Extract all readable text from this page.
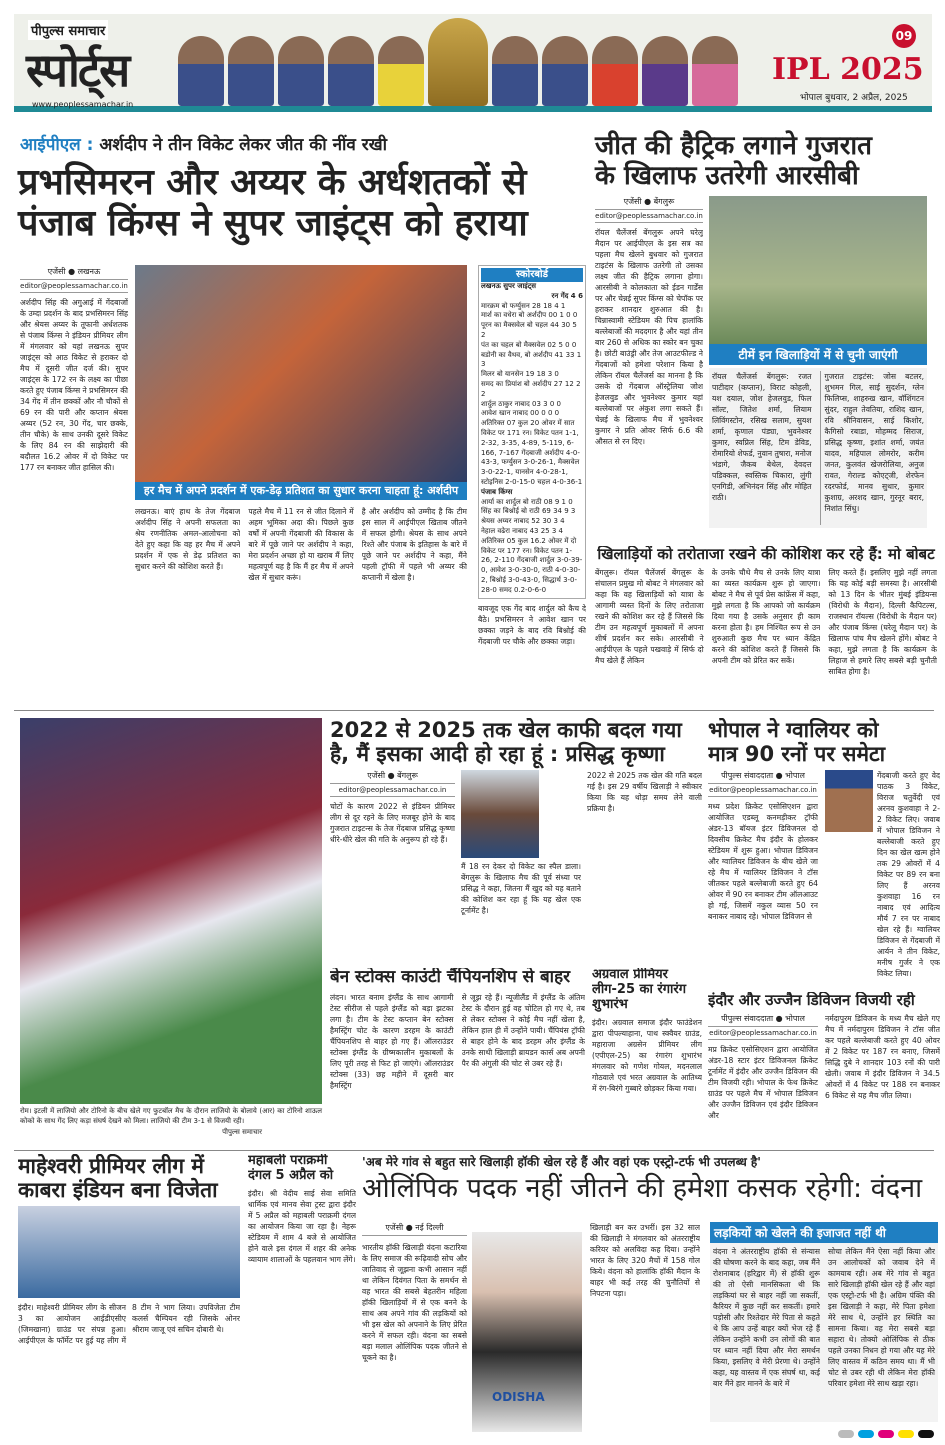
पीपुल्स समाचार
स्पोर्ट्स
www.peoplessamachar.in
09
IPL 2025
भोपाल बुधवार, 2 अप्रैल, 2025
आईपीएल : अर्शदीप ने तीन विकेट लेकर जीत की नींव रखी
प्रभसिमरन और अय्यर के अर्धशतकों से
पंजाब किंग्स ने सुपर जाइंट्स को हराया
एजेंसी ● लखनऊ
editor@peoplessamachar.co.in
अर्शदीप सिंह की अगुआई में गेंदबाजों के उम्दा प्रदर्शन के बाद प्रभसिमरन सिंह और श्रेयस अय्यर के तूफानी अर्धशतक से पंजाब किंग्स ने इंडियन प्रीमियर लीग में मंगलवार को यहां लखनऊ सुपर जाइंट्स को आठ विकेट से हराकर दो मैच में दूसरी जीत दर्ज की। सुपर जाइंट्स के 172 रन के लक्ष्य का पीछा करते हुए पंजाब किंग्स ने प्रभसिमरन की 34 गेंद में तीन छक्कों और नौ चौकों से 69 रन की पारी और कप्तान श्रेयस अय्यर (52 रन, 30 गेंद, चार छक्के, तीन चौके) के साथ उनकी दूसरे विकेट के लिए 84 रन की साझेदारी की बदौलत 16.2 ओवर में दो विकेट पर 177 रन बनाकर जीत हासिल की।
हर मैच में अपने प्रदर्शन में एक-डेढ़ प्रतिशत का सुधार करना चाहता हूं: अर्शदीप
लखनऊ। बाएं हाथ के तेज गेंदबाज अर्शदीप सिंह ने अपनी सफलता का श्रेय रणनीतिक अमल-आलोचना को देते हुए कहा कि वह हर मैच में अपने प्रदर्शन में एक से डेढ़ प्रतिशत का सुधार करने की कोशिश करते हैं।
पहले मैच में 11 रन से जीत दिलाने में अहम भूमिका अदा की। पिछले कुछ वर्षों में अपनी गेंदबाजी की विकास के बारे में पूछे जाने पर अर्शदीप ने कहा, मेरा प्रदर्शन अच्छा हो या खराब मैं लिए महत्वपूर्ण यह है कि मैं हर मैच में अपने खेल में सुधार करूं।
है और अर्शदीप को उम्मीद है कि टीम इस साल में आईपीएल खिताब जीतने में सफल होगी। श्रेयस के साथ अपने रिश्ते और पंजाब के इतिहास के बारे में पूछे जाने पर अर्शदीप ने कहा, मैंने पहली ट्रॉफी में पहले भी अय्यर की कप्तानी में खेला है।
स्कोरबोर्ड
लखनऊ सुपर जाइंट्स
रन गेंद 4 6
मारक्रम बो फर्ग्युसन 28 18 4 1
मार्श का वधेरा बो अर्शदीप 00 1 0 0
पूरन का मैक्सवेल बो चहल 44 30 5 2
पंत का चहल बो मैक्सवेल 02 5 0 0
बडोनी का वैथव, बो अर्शदीप 41 33 1 3
मिलर बो यानसेन 19 18 3 0
समद का प्रियांश बो अर्शदीप 27 12 2 2
शार्दुल ठाकुर नाबाद 03 3 0 0
आवेश खान नाबाद 00 0 0 0
अतिरिक्त 07 कुल 20 ओवर में सात विकेट पर 171 रन। विकेट पतन 1-1, 2-32, 3-35, 4-89, 5-119, 6-166, 7-167 गेंदबाजी अर्शदीप 4-0-43-3, फर्ग्युसन 3-0-26-1, मैक्सवेल 3-0-22-1, यानसेन 4-0-28-1, स्टोइनिस 2-0-15-0 चहल 4-0-36-1
पंजाब किंग्स
आर्या का शार्दुल बो राठी 08 9 1 0
सिंह का बिश्नोई बो राठी 69 34 9 3
श्रेयस अय्यर नाबाद 52 30 3 4
नेहाल वढेरा नाबाद 43 25 3 4
अतिरिक्त 05 कुल 16.2 ओवर में दो विकेट पर 177 रन। विकेट पतन 1-26, 2-110 गेंदबाजी शार्दुल 3-0-39-0, आवेश 3-0-30-0, राठी 4-0-30-2, बिश्नोई 3-0-43-0, सिद्धार्थ 3-0-28-0 समद 0.2-0-6-0
बावजूद एक गेंद बाद शार्दुल को कैच दे बैठे। प्रभसिमरन ने आवेश खान पर छक्का जड़ने के बाद रवि बिश्नोई की गेंदबाजी पर चौके और छक्का जड़ा।
जीत की हैट्रिक लगाने गुजरात
के खिलाफ उतरेगी आरसीबी
एजेंसी ● बेंगलुरू
editor@peoplessamachar.co.in
रॉयल चैलेंजर्स बेंगलुरू अपने घरेलू मैदान पर आईपीएल के इस सत्र का पहला मैच खेलने बुधवार को गुजरात टाइटंस के खिलाफ उतरेगी तो उसका लक्ष्य जीत की हैट्रिक लगाना होगा। आरसीबी ने कोलकाता को ईडन गार्डेंस पर और चेन्नई सुपर किंग्स को चेपॉक पर हराकर शानदार शुरुआत की है। चिन्नास्वामी स्टेडियम की पिच हालांकि बल्लेबाजों की मददगार है और यहां तीन बार 260 से अधिक का स्कोर बन चुका है। छोटी बाउंड्री और तेज आउटफील्ड ने गेंदबाजों को हमेशा परेशान किया है लेकिन रॉयल चैलेंजर्स का मानना है कि उसके दो गेंदबाज ऑस्ट्रेलिया जोश हेजलवुड और भुवनेश्वर कुमार यहां बल्लेबाजों पर अंकुश लगा सकते हैं। चेन्नई के खिलाफ मैच में भुवनेश्वर कुमार ने प्रति ओवर सिर्फ 6.6 की औसत से रन दिए।
टीमें इन खिलाड़ियों में से चुनी जाएंगी
रॉयल चैलेंजर्स बेंगलुरू: रजत पाटीदार (कप्तान), विराट कोहली, यश दयाल, जोश हेजलवुड, फिल सॉल्ट, जितेश शर्मा, लियाम लिविंगस्टोन, रसिख सलाम, सुयश शर्मा, कृणाल पंड्या, भुवनेश्वर कुमार, स्वप्निल सिंह, टिम डेविड, रोमारियो शेफर्ड, नुवान तुषारा, मनोज भंडागे, जैकब बेथेल, देवदत्त पडिक्कल, स्वस्तिक चिकारा, लुंगी एनगिडी, अभिनंदन सिंह और मोहित राठी।
गुजरात टाइटंस: जोस बटलर, शुभमन गिल, साई सुदर्शन, ग्लेन फिलिप्स, शाहरुख खान, वॉशिंगटन सुंदर, राहुल तेवतिया, राशिद खान, रवि श्रीनिवासन, साई किशोर, कैगिसो रबाडा, मोहम्मद सिराज, प्रसिद्ध कृष्णा, इशांत शर्मा, जयंत यादव, महिपाल लोमरोर, करीम जनत, कुलवंत खेजरोलिया, अनुज रावत, गेराल्ड कोएट्जी, शेरफेन रदरफोर्ड, मानव सुथार, कुमार कुशाग्र, अरशद खान, गुरनूर बरार, निशांत सिंधु।
खिलाड़ियों को तरोताजा रखने की कोशिश कर रहे हैं: मो बोबट
बेंगलुरू। रॉयल चैलेंजर्स बेंगलुरू के संचालन प्रमुख मो बोबट ने मंगलवार को कहा कि वह खिलाड़ियों को यात्रा के आगामी व्यस्त दिनों के लिए तरोताजा रखने की कोशिश कर रहे हैं जिससे कि टीम उन महत्वपूर्ण मुकाबलों में अपना शीर्ष प्रदर्शन कर सके। आरसीबी ने आईपीएल के पहले पखवाड़े में सिर्फ दो मैच खेले हैं लेकिन
के उनके चौथे मैच से उनके लिए यात्रा का व्यस्त कार्यक्रम शुरू हो जाएगा। बोबट ने मैच से पूर्व प्रेस कांफ्रेंस में कहा, मुझे लगता है कि आपको जो कार्यक्रम दिया गया है उसके अनुसार ही काम करना होता है। हम निश्चित रूप से उन शुरुआती कुछ मैच पर ध्यान केंद्रित करने की कोशिश करते हैं जिससे कि अपनी टीम को प्रेरित कर सकें।
लिए करते हैं। इसलिए मुझे नहीं लगता कि यह कोई बड़ी समस्या है। आरसीबी को 13 दिन के भीतर मुंबई इंडियन्स (विरोधी के मैदान), दिल्ली कैपिटल्स, राजस्थान रॉयल्स (विरोधी के मैदान पर) और पंजाब किंग्स (घरेलू मैदान पर) के खिलाफ पांच मैच खेलने होंगे। बोबट ने कहा, मुझे लगता है कि कार्यक्रम के लिहाज से हमारे लिए सबसे बड़ी चुनौती साबित होगा है।
रोम। इटली में लाजियो और टोरिनो के बीच खेले गए फुटबॉल मैच के दौरान लाजियो के बोलाये (आर) का टोरिनो शाऊल कोको के साथ गेंद लिए कड़ा संघर्ष देखने को मिला। लाजियो की टीम 3-1 से विजयी रही।
पीपुल्स समाचार
2022 से 2025 तक खेल काफी बदल गया
है, मैं इसका आदी हो रहा हूं : प्रसिद्ध कृष्णा
एजेंसी ● बेंगलुरू
editor@peoplessamachar.co.in
चोटों के कारण 2022 से इंडियन प्रीमियर लीग से दूर रहने के लिए मजबूर होने के बाद गुजरात टाइटन्स के तेज गेंदबाज प्रसिद्ध कृष्णा धीरे-धीरे खेल की गति के अनुरूप हो रहे हैं।
मैं 18 रन देकर दो विकेट का स्पैल डाला। बेंगलुरू के खिलाफ मैच की पूर्व संध्या पर प्रसिद्ध ने कहा, जितना मैं खुद को यह बताने की कोशिश कर रहा हूं कि यह खेल एक टूर्नामेंट है।
2022 से 2025 तक खेल की गति बदल गई है। इस 29 वर्षीय खिलाड़ी ने स्वीकार किया कि यह थोड़ा समय लेने वाली प्रक्रिया है।
बेन स्टोक्स काउंटी चैंपियनशिप से बाहर
लंदन। भारत बनाम इंग्लैंड के साथ आगामी टेस्ट सीरीज से पहले इंग्लैंड को बड़ा झटका लगा है। टीम के टेस्ट कप्तान बेन स्टोक्स हैमस्ट्रिंग चोट के कारण डरहम के काउंटी चैंपियनशिप से बाहर हो गए हैं। ऑलराउंडर स्टोक्स इंग्लैंड के ग्रीष्मकालीन मुकाबलों के लिए पूरी तरह से फिट हो जाएंगे। ऑलराउंडर स्टोक्स (33) छह महीने में दूसरी बार हैमस्ट्रिंग
से जूझ रहे हैं। न्यूजीलैंड में इंग्लैंड के अंतिम टेस्ट के दौरान हुई वह चोटिल हो गए थे, तब से लेकर स्टोक्स ने कोई मैच नहीं खेला है, लेकिन हाल ही में उन्होंने पायी। चैंपियंस ट्रॉफी से बाहर होने के बाद डरहम और इंग्लैंड के उनके साथी खिलाड़ी ब्रायडन कार्स अब अपनी पैर की अंगुली की चोट से उबर रहे हैं।
अग्रवाल प्रीमियर लीग-25 का रंगारंग शुभारंभ
इंदौर। अग्रवाल समाज इंदौर फाउंडेशन द्वारा पीपल्याहाना, पाथ स्क्वैयर ग्राउंड, महाराजा अग्रसेन प्रीमियर लीग (एपीएल-25) का रंगारंग शुभारंभ मंगलवार को गणेश गोयल, मदनलाल गोठवाले एवं भरत अग्रवाल के आतिथ्य में रंग-बिरंगे गुब्बारे छोड़कर किया गया।
भोपाल ने ग्वालियर को
मात्र 90 रनों पर समेटा
पीपुल्स संवाददाता ● भोपाल
editor@peoplessamachar.co.in
मध्य प्रदेश क्रिकेट एसोसिएशन द्वारा आयोजित एडब्लू कनमड़ीकर ट्रॉफी अंडर-13 बॉयज इंटर डिविजनल दो दिवसीय क्रिकेट मैच इंदौर के होलकर स्टेडियम में शुरू हुआ। भोपाल डिविजन और ग्वालियर डिविजन के बीच खेले जा रहे मैच में ग्वालियर डिविजन ने टॉस जीतकर पहले बल्लेबाजी करते हुए 64 ओवर में 90 रन बनाकर टीम ऑलआउट हो गई, जिसमें नकुल व्यास 50 रन बनाकर नाबाद रहे। भोपाल डिविजन से
गेंदबाजी करते हुए वेद पाठक 3 विकेट, विराज चतुर्वेदी एवं अरनव कुशवाहा ने 2-2 विकेट लिए। जवाब में भोपाल डिविजन ने बल्लेबाजी करते हुए दिन का खेल खत्म होने तक 29 ओवरों में 4 विकेट पर 89 रन बना लिए हैं अरनव कुशवाहा 16 रन नाबाद एवं आदित्य मौर्य 7 रन पर नाबाद खेल रहे हैं। ग्वालियर डिविजन से गेंदबाजी में आर्यन ने तीन विकेट, मनीष गुर्जर ने एक विकेट लिया।
इंदौर और उज्जैन डिविजन विजयी रही
पीपुल्स संवाददाता ● भोपाल
editor@peoplessamachar.co.in
मप्र क्रिकेट एसोसिएशन द्वारा आयोजित अंडर-18 स्टार इंटर डिविजनल क्रिकेट टूर्नामेंट में इंदौर और उज्जैन डिविजन की टीम विजयी रही। भोपाल के फेथ क्रिकेट ग्राउंड पर पहले मैच में भोपाल डिविजन और उज्जैन डिविजन एवं इंदौर डिविजन और
नर्मदापुरम डिविजन के मध्य मैच खेले गए मैच में नर्मदापुरम डिविजन ने टॉस जीत कर पहले बल्लेबाजी करते हुए 40 ओवर में 2 विकेट पर 187 रन बनाए, जिसमें सिद्धि दुबे ने शानदार 103 रनों की पारी खेली। जवाब में इंदौर डिविजन ने 34.5 ओवरों में 4 विकेट पर 188 रन बनाकर 6 विकेट से यह मैच जीत लिया।
माहेश्वरी प्रीमियर लीग में
काबरा इंडियन बना विजेता
इंदौर। माहेश्वरी प्रीमियर लीग के सीजन 3 का आयोजन आईडीएसीए (जिमखाना) ग्राउंड पर संपन्न हुआ। आईपीएल के फॉर्मेट पर हुई यह लीग में 8 टीम ने भाग लिया। उपविजेता टीम कलर्स चैम्पियन रही जिसके ओनर श्रीराम जाजू एवं सचिन दोबारी थे।
महाबली पराक्रमी
दंगल 5 अप्रैल को
इंदौर। श्री वेदीय साई सेवा समिति धार्मिक एवं मानव सेवा ट्रस्ट द्वारा इंदौर में 5 अप्रैल को महाबली पराक्रमी दंगल का आयोजन किया जा रहा है। नेहरू स्टेडियम में शाम 4 बजे से आयोजित होने वाले इस दंगल में शहर की अनेक व्यायाम शालाओं के पहलवान भाग लेंगे।
'अब मेरे गांव से बहुत सारे खिलाड़ी हॉकी खेल रहे हैं और वहां एक एस्ट्रो-टर्फ भी उपलब्ध है'
ओलिंपिक पदक नहीं जीतने की हमेशा कसक रहेगी: वंदना
एजेंसी ● नई दिल्ली
भारतीय हॉकी खिलाड़ी वंदना कटारिया के लिए समाज की रूढ़िवादी सोच और जातिवाद से जूझना कभी आसान नहीं था लेकिन दिवंगत पिता के समर्थन से वह भारत की सबसे बेहतरीन महिला हॉकी खिलाड़ियों में से एक बनने के साथ अब अपने गांव की लड़कियों को भी इस खेल को अपनाने के लिए प्रेरित करने में सफल रही। वंदना का सबसे बड़ा मलाल ओलिंपिक पदक जीतने से चूकने का है।
ODISHA
खिलाड़ी बन कर उभरीं। इस 32 साल की खिलाड़ी ने मंगलवार को अंतरराष्ट्रीय करियर को अलविदा कह दिया। उन्होंने भारत के लिए 320 मैचों में 158 गोल किये। वंदना को हालांकि हॉकी मैदान के बाहर भी कई तरह की चुनौतियों से निपटना पड़ा।
लड़कियों को खेलने की इजाजत नहीं थी
वंदना ने अंतरराष्ट्रीय हॉकी से संन्यास की घोषणा करने के बाद कहा, जब मैंने रोशनाबाद (हरिद्वार में) से हॉकी शुरू की तो ऐसी मानसिकता थी कि लड़कियां घर से बाहर नहीं जा सकतीं, कैरियर में कुछ नहीं कर सकतीं। हमारे पड़ोसी और रिश्तेदार मेरे पिता से कहते थे कि आप उन्हें बाहर क्यों भेज रहे हैं लेकिन उन्होंने कभी उन लोगों की बात पर ध्यान नहीं दिया और मेरा समर्थन किया, इसलिए वे मेरी प्रेरणा थे। उन्होंने कहा, यह वास्तव में एक संघर्ष था, कई बार मैंने हार मानने के बारे में
सोचा लेकिन मैंने ऐसा नहीं किया और उन आलोचकों को जवाब देने में कामयाब रही। अब मेरे गांव से बहुत सारे खिलाड़ी हॉकी खेल रहे हैं और वहां एक एस्ट्रो-टर्फ भी है। अग्रिम पंक्ति की इस खिलाड़ी ने कहा, मेरे पिता हमेशा मेरे साथ थे, उन्होंने हर स्थिति का सामना किया। वह मेरा सबसे बड़ा सहारा थे। तोक्यो ओलिंपिक से ठीक पहले उनका निधन हो गया और यह मेरे लिए वास्तव में कठिन समय था। मैं भी चोट से उबर रही थी लेकिन मेरा हॉकी परिवार हमेशा मेरे साथ खड़ा रहा।
